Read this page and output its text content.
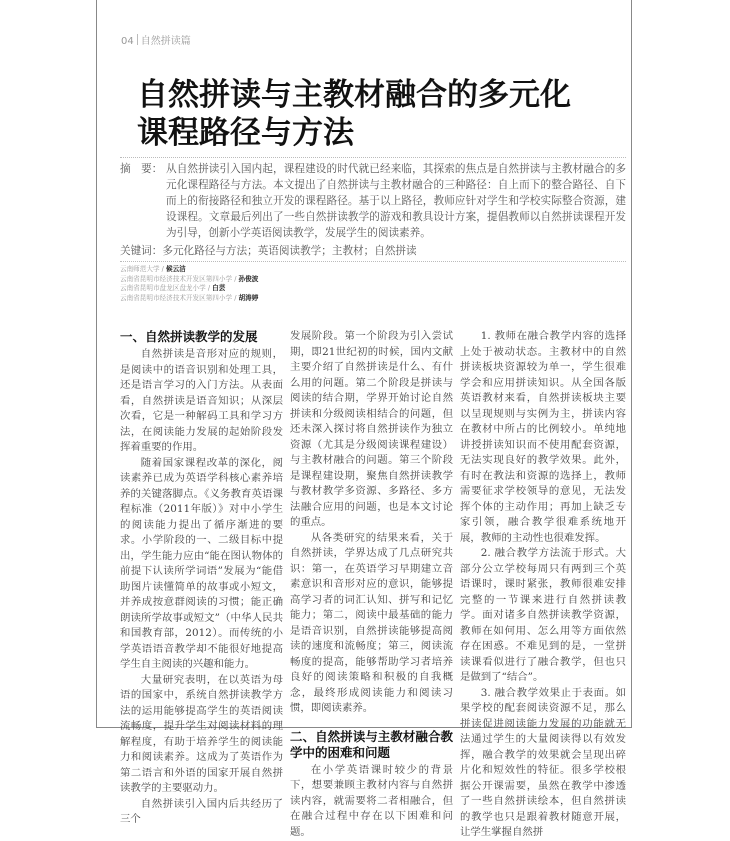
04 自然拼读篇
自然拼读与主教材融合的多元化
课程路径与方法
摘　要： 从自然拼读引入国内起，课程建设的时代就已经来临，其探索的焦点是自然拼读与主教材融合的多元化课程路径与方法。本文提出了自然拼读与主教材融合的三种路径：自上而下的整合路径、自下而上的衔接路径和独立开发的课程路径。基于以上路径，教师应针对学生和学校实际整合资源，建设课程。文章最后列出了一些自然拼读教学的游戏和教具设计方案，提倡教师以自然拼读课程开发为引导，创新小学英语阅读教学，发展学生的阅读素养。
关键词：多元化路径与方法；英语阅读教学；主教材；自然拼读
云南师范大学 / 候云洁
云南省昆明市经济技术开发区第四小学 / 孙俊波
云南省昆明市盘龙区盘龙小学 / 白芸
云南省昆明市经济技术开发区第四小学 / 胡涛婷
一、自然拼读教学的发展

自然拼读是音形对应的规则，是阅读中的语音识别和处理工具，还是语言学习的入门方法。从表面看，自然拼读是语音知识；从深层次看，它是一种解码工具和学习方法，在阅读能力发展的起始阶段发挥着重要的作用。

随着国家课程改革的深化，阅读素养已成为英语学科核心素养培养的关键落脚点。《义务教育英语课程标准（2011年版）》对中小学生的阅读能力提出了循序渐进的要求。小学阶段的一、二级目标中提出，学生能力应由“能在图认物体的前提下认读所学词语”发展为“能借助图片读懂简单的故事或小短文，并养成按意群阅读的习惯；能正确朗读所学故事或短文”（中华人民共和国教育部，2012）。而传统的小学英语语音教学却不能很好地提高学生自主阅读的兴趣和能力。

大量研究表明，在以英语为母语的国家中，系统自然拼读教学方法的运用能够提高学生的英语阅读流畅度，提升学生对阅读材料的理解程度，有助于培养学生的阅读能力和阅读素养。这成为了英语作为第二语言和外语的国家开展自然拼读教学的主要驱动力。

自然拼读引入国内后共经历了三个

发展阶段。第一个阶段为引入尝试期，即21世纪初的时候，国内文献主要介绍了自然拼读是什么、有什么用的问题。第二个阶段是拼读与阅读的结合期，学界开始讨论自然拼读和分级阅读相结合的问题，但还未深入探讨将自然拼读作为独立资源（尤其是分级阅读课程建设）与主教材融合的问题。第三个阶段是课程建设期，聚焦自然拼读教学与教材教学多资源、多路径、多方法融合应用的问题，也是本文讨论的重点。

从各类研究的结果来看，关于自然拼读，学界达成了几点研究共识：第一，在英语学习早期建立音素意识和音形对应的意识，能够提高学习者的词汇认知、拼写和记忆能力；第二，阅读中最基础的能力是语音识别，自然拼读能够提高阅读的速度和流畅度；第三，阅读流畅度的提高，能够帮助学习者培养良好的阅读策略和积极的自我概念，最终形成阅读能力和阅读习惯，即阅读素养。

二、自然拼读与主教材融合教学中的困难和问题

在小学英语课时较少的背景下，想要兼顾主教材内容与自然拼读内容，就需要将二者相融合，但在融合过程中存在以下困难和问题。

1. 教师在融合教学内容的选择上处于被动状态。主教材中的自然拼读板块资源较为单一，学生很难学会和应用拼读知识。从全国各版英语教材来看，自然拼读板块主要以呈现规则与实例为主，拼读内容在教材中所占的比例较小。单纯地讲授拼读知识而不使用配套资源，无法实现良好的教学效果。此外，有时在教法和资源的选择上，教师需要征求学校领导的意见，无法发挥个体的主动作用；再加上缺乏专家引领，融合教学很难系统地开展，教师的主动性也很难发挥。

2. 融合教学方法流于形式。大部分公立学校每周只有两到三个英语课时，课时紧张，教师很难安排完整的一节课来进行自然拼读教学。面对诸多自然拼读教学资源，教师在如何用、怎么用等方面依然存在困惑。不难见到的是，一堂拼读课看似进行了融合教学，但也只是做到了“结合”。

3. 融合教学效果止于表面。如果学校的配套阅读资源不足，那么拼读促进阅读能力发展的功能就无法通过学生的大量阅读得以有效发挥，融合教学的效果就会呈现出碎片化和短效性的特征。很多学校根据公开课需要，虽然在教学中渗透了一些自然拼读绘本，但自然拼读的教学也只是跟着教材随意开展，让学生掌握自然拼
